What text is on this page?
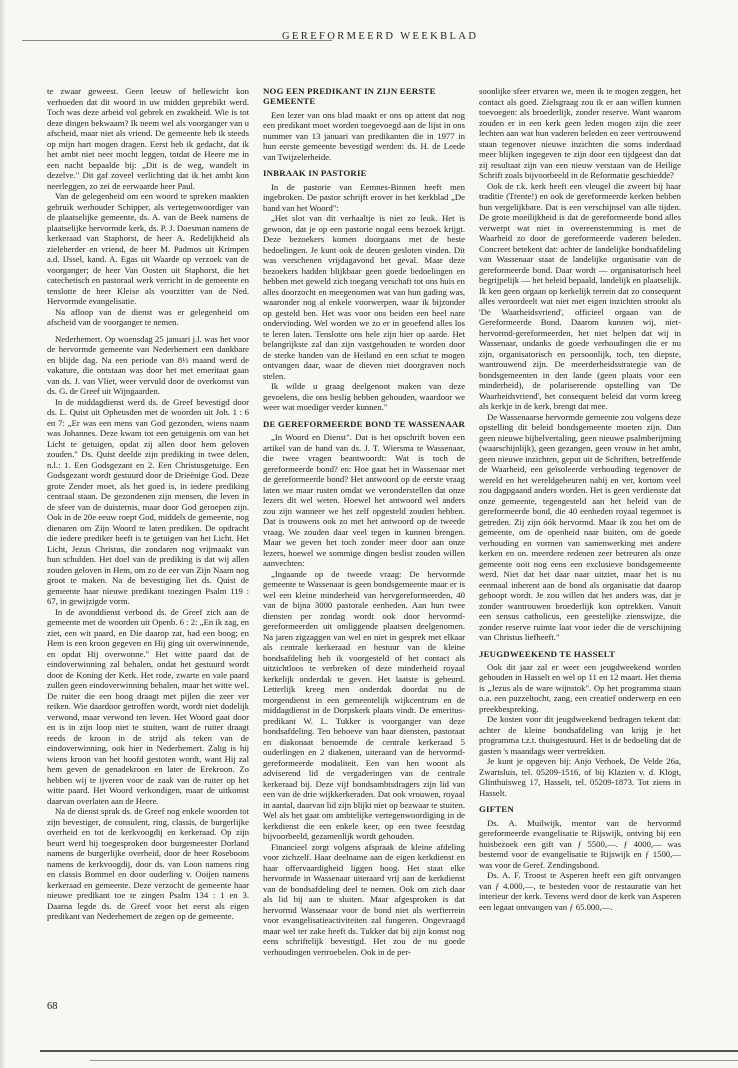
GEREFORMEERD WEEKBLAD

te zwaar geweest. Geen leeuw of hellewicht kon verhoeden dat dit woord in uw midden geprebikt werd. Toch was deze arbeid vol gebrek en zwakheid. Wie is tot deze dingen bekwaam? Ik neem wel als voorganger van u afscheid, maar niet als vriend. De gemeente heb ik steeds op mijn hart mogen dragen. Eerst heb ik gedacht, dat ik het ambt niet neer mocht leggen, totdat de Heere me in een nacht bepaalde bij: „Dit is de weg, wandelt in dezelve." Dit gaf zoveel verlichting dat ik het ambt kon neerleggen, zo zei de eerwaarde heer Paul.

Van de gelegenheid om een woord te spreken maakten gebruik werhouder Schipper, als vertegenwoordiger van de plaatselijke gemeente, ds. A. van de Beek namens de plaatselijke hervormde kerk, ds. P. J. Doesman namens de kerkeraad van Staphorst, de heer A. Redelijkheid als zieleherder en vriend, de heer M. Padmos uit Krimpen a.d. IJssel, kand. A. Egas uit Waarde op verzoek van de voorganger; de heer Van Oosten uit Staphorst, die het catechetisch en pastoraal werk verricht in de gemeente en tenslotte de heer Kleise als voorzitter van de Ned. Hervormde evangelisatie.

Na afloop van de dienst was er gelegenheid om afscheid van de voorganger te nemen.

Nederhemert. Op woensdag 25 januari j.l. was het voor de hervormde gemeente van Nederhemert een dankbare en blijde dag. Na een periode van 8½ maand werd de vakature, die ontstaan was door het met emeritaat gaan van ds. J. van Vliet, weer vervuld door de overkomst van ds. G. de Greef uit Wijngaarden.

In de middagdienst werd ds. de Greef bevestigd door ds. L. Quist uit Opheusden met de woorden uit Joh. 1 : 6 en 7: „Er was een mens van God gezonden, wiens naam was Johannes. Deze kwam tot een getuigenis om van het Licht te getuigen, opdat zij allen door hem geloven zouden." Ds. Quist deelde zijn prediking in twee delen, n.l.: 1. Een Godsgezant en 2. Een Christusgetuige. Een Godsgezant wordt gestuurd door de Drieënige God. Deze grote Zender moet, als het goed is, in iedere prediking centraal staan. De gezondenen zijn mensen, die leven in de sfeer van de duisternis, maar door God geroepen zijn. Ook in de 20e eeuw roept God, middels de gemeente, nog dienaren om Zijn Woord te laten prediken. De opdracht die iedere prediker heeft is te getuigen van het Licht. Het Licht, Jezus Christus, die zondaren nog vrijmaakt van hun schulden. Het doel van de prediking is dat wij allen zouden geloven in Hem, om zo de eer van Zijn Naam nog groot te maken. Na de bevestiging liet ds. Quist de gemeente haar nieuwe predikant toezingen Psalm 119 : 67, in gewijzigde vorm.

In de avonddienst verbond ds. de Greef zich aan de gemeente met de woorden uit Openb. 6 : 2: „En ik zag, en ziet, een wit paard, en Die daarop zat, had een boog; en Hem is een kroon gegeven en Hij ging uit overwinnende, en opdat Hij overwonne." Het witte paard dat de eindoverwinning zal behalen, ondat het gestuurd wordt door de Koning der Kerk. Het rode, zwarte en vale paard zullen geen eindoverwinning behalen, maar het witte wel. De ruiter die een boog draagt met pijlen die zeer ver reiken. Wie daardoor getroffen wordt, wordt niet dodelijk verwond, maar verwond ten leven. Het Woord gaat door en is in zijn loop niet te stuiten, want de ruiter draagt reeds de kroon in de strijd als teken van de eindoverwinning, ook hier in Nederhemert. Zalig is hij wiens kroon van het hoofd gestoten wordt, want Hij zal hem geven de genadekroon en later de Erekroon. Zo hebben wij te ijveren voor de zaak van de ruiter op het witte paard. Het Woord verkondigen, maar de uitkomst daarvan overlaten aan de Heere.

Na de dienst sprak ds. de Greef nog enkele woorden tot zijn bevestiger, de consulent, ring, classis, de burgerlijke overheid en tot de kerkvoogdij en kerkeraad. Op zijn beurt werd hij toegesproken door burgemeester Dorland namens de burgerlijke overheid, door de heer Roseboom namens de kerkvoogdij, door ds. van Loon namens ring en classis Bommel en door ouderling v. Ooijen namens kerkeraad en gemeente. Deze verzocht de gemeente haar nieuwe predikant toe te zingen Psalm 134 : 1 en 3. Daarna legde ds. de Greef voor het eerst als eigen predikant van Nederhemert de zegen op de gemeente.

NOG EEN PREDIKANT IN ZIJN EERSTE GEMEENTE

Een lezer van ons blad maakt er ons op attent dat nog een predikant moet worden toegevoegd aan de lijst in ons nummer van 13 januari van predikanten die in 1977 in hun eerste gemeente bevestigd werden: ds. H. de Leede van Twijzelerheide.

INBRAAK IN PASTORIE

In de pastorie van Eemnes-Binnen heeft men ingebroken. De pastor schrijft erover in het kerkblad „De band van het Woord":

„Het slot van dit verhaaltje is niet zo leuk. Het is gewoon, dat je op een pastorie nogal eens bezoek krijgt. Deze bezoekers komen doorgaans met de beste bedoelingen. Je kunt ook de deuren gesloten vinden. Dit was verschenen vrijdagavond het geval. Maar deze bezoekers hadden blijkbaar geen goede bedoelingen en hebben met geweld zich toegang verschaft tot ons huis en alles doorzocht en meegenomen wat van hun gading was, waaronder nog al enkele voorwerpen, waar ik bijzonder op gesteld ben. Het was voor ons beiden een heel nare ondervinding. Wel worden we zo er in geoefend alles los te leren laten. Tenslotte ons hele zijn hier op aarde. Het belangrijkste zal dan zijn vastgehouden te worden door de sterke handen van de Heiland en een schat te mogen ontvangen daar, waar de dieven niet doorgraven noch stelen.

Ik wilde u graag deelgenoot maken van deze gevoelens, die ons beslig hebben gehouden, waardoor we weer wat moediger verder kunnen."

DE GEREFORMEERDE BOND TE WASSENAAR

„In Woord en Dienst". Dat is het opschrift boven een artikel van de hand van ds. J. T. Wiersma te Wassenaar, die twee vragen beantwoordt: Wat is toch de gereformeerde bond? en: Hoe gaat het in Wassenaar met de gereformeerde bond? Het antwoord op de eerste vraag laten we maar rusten omdat we veronderstellen dat onze lezers dit wel weten. Hoewel het antwoord wel anders zou zijn wanneer we het zelf opgesteld zouden hebben. Dat is trouwens ook zo met het antwoord op de tweede vraag. We zouden daar veel tegen in kunnen brengen. Maar we geven het toch zonder meer door aan onze lezers, hoewel we sommige dingen beslist zouden willen aanvechten:

„Ingaande op de tweede vraag: De hervormde gemeente te Wassenaar is geen bondsgemeente maar er is wel een kleine minderheid van hervgereformeerden, 40 van de bijna 3000 pastorale eenheden. Aan hun twee diensten per zondag wordt ook door hervormd-gereformeerden uit omliggende plaatsen deelgenomen. Na jaren zigzaggen van wel en niet in gesprek met elkaar als centrale kerkeraad en bestuur van de kleine bondsafdeling heb ik voorgesteld of het contact als uitzichtloos te verbreken of deze minderheid royaal kerkelijk onderdak te geven. Het laatste is gebeurd. Letterlijk kreeg men onderdak doordat nu de morgendienst in een gemeentelijk wijkcentrum en de middagdienst in de Dorpskerk plaats vindt. De emeritus-predikant W. L. Tukker is voorganger van deze bondsafdeling. Ten behoeve van haar diensten, pastoraat en diakonaat benoemde de centrale kerkeraad 5 ouderlingen en 2 diakenen, uiteraard van de hervormd-gereformeerde modaliteit. Een van hen woont als adviserend lid de vergaderingen van de centrale kerkeraad bij. Deze vijf bondsambtsdragers zijn lid van een van de drie wijkkerkeraden. Dat ook vrouwen, royaal in aantal, daarvan lid zijn blijkt niet op bezwaar te stuiten. Wel als het gaat om ambtelijke vertegenwoordiging in de kerkdienst die een enkele keer, op een twee feestdag bijvoorbeeld, gezamenlijk wordt gehouden.

Financieel zorgt volgens afspraak de kleine afdeling voor zichzelf. Haar deelname aan de eigen kerkdienst en haar offervaardigheid liggen hoog. Het staat elke hervormde in Wassenaar uiteraard vrij aan de kerkdienst van de bondsafdeling deel te nemen. Ook om zich daar als lid bij aan te sluiten. Maar afgesproken is dat hervormd Wassenaar voor de bond niet als werfterrein voor evangelisatieactiviteiten zal fungeren. Ongevraagd maar wel ter zake heeft ds. Tukker dat bij zijn komst nog eens schriftelijk bevestigd. Het zou de nu goede verhoudingen vertroebelen. Ook in de per-

soonlijke sfeer ervaren we, meen ik te mogen zeggen, het contact als goed. Zielsgraag zou ik er aan willen kunnen toevoegen: als broederlijk, zonder reserve. Want waarom zouden er in een kerk geen leden mogen zijn die zeer lechten aan wat hun vaderen beleden en zeer vertrouwend staan tegenover nieuwe inzichten die soms inderdaad meer blijken ingegeven te zijn door een tijdgeest dan dat zij resultaat zijn van een nieuw verstaan van de Heilige Schrift zoals bijvoorbeeld in de Reformatie geschiedde?

Ook de r.k. kerk heeft een vleugel die zweert bij haar traditie (Trente!) en ook de gereformeerde kerken hebben hun vergelijkbare. Dat is een verschijnsel van alle tijden. De grote moeilijkheid is dat de gereformeerde bond alles verwerpt wat niet in overeenstemming is met de Waarheid zo door de gereformeerde vaderen beleden. Concreet betekent dat: achter de landelijke bondsafdeling van Wassenaar staat de landelijke organisatie van de gereformeerde bond. Daar wordt — organisatorisch heel begrijpelijk — het beleid bepaald, landelijk en plaatselijk. Ik ken geen orgaan op kerkelijk terrein dat zo consequent alles veroordeelt wat niet met eigen inzichten strookt als 'De Waarheidsvriend', officieel orgaan van de Gereformeerde Bond. Daarom kunnen wij, niet-hervormd-gereformeerden, het niet helpen dat wij in Wassenaar, ondanks de goede verhoudingen die er nu zijn, organisatorisch en persoonlijk, toch, ten diepste, wantrouwend zijn. De meerderheidsstrategie van de bondsgemeenten in den lande (geen plaats voor een minderheid), de polariserende opstelling van 'De Waarheidsvriend', het consequent beleid dat vorm kreeg als kerkje in de kerk, brengt dat mee.

De Wassenaarse hervormde gemeente zou volgens deze opstelling dit beleid bondsgemeente moeten zijn. Dan geen nieuwe bijbelvertaling, geen nieuwe psalmberijming (waarschijnlijk), geen gezangen, geen vrouw in het ambt, geen nieuwe inzichten, geput uit de Schriften, betreffende de Waarheid, een geïsoleerde verhouding tegenover de wereld en het wereldgebeuren nabij en ver, kortom veel zou dagpgaand anders worden. Het is geen verdienste dat onze gemeente, tegengesteld aan het beleid van de gereformeerde bond, die 40 eenheden royaal tegemoet is getreden. Zij zijn óók hervormd. Maar ik zou het om de gemeente, om de openheid naar buiten, om de goede verhouding en vormen van samenwerking met andere kerken en on. meerdere redenen zeer betreuren als onze gemeente ooit nog eens een exclusieve bondsgemeente werd. Niet dat het daar naar uitziet, maar het is nu eenmaal inherent aan de bond als organisatie dat daarop gehoopt wordt. Je zou willen dat het anders was, dat je zonder wantrouwen broederlijk kon optrekken. Vanuit een sensus catholicus, een geestelijke zienswijze, die zonder reserve ruimte laat voor ieder die de verschijning van Christus liefheeft."

JEUGDWEEKEND TE HASSELT

Ook dit jaar zal er weer een jeugdweekend worden gehouden in Hasselt en wel op 11 en 12 maart. Het thema is „Jezus als de ware wijnstok". Op het programma staan o.a. een puzzeltocht, zang, een creatief onderwerp en een preekbespreking.

De kosten voor dit jeugdweekend bedragen tekent dat: achter de kleine bondsafdeling van krijg je het programma t.z.t. thuisgestuurd. Het is de bedoeling dat de gasten 's maandags weer vertrekken.

Je kunt je opgeven bij: Anjo Verhoek, De Velde 26a, Zwartsluis, tel. 05209-1516, of bij Klazien v. d. Klogt, Glinthuisweg 17, Hasselt, tel. 05209-1873. Tot ziens in Hasselt.

GIFTEN

Ds. A. Muilwijk, mentor van de hervormd gereformeerde evangelisatie te Rijswijk, ontving bij een huisbezoek een gift van ƒ 5500,—. ƒ 4000,— was bestemd voor de evangelisatie te Rijswijk en ƒ 1500,— was voor de Geref. Zendingsbond.

Ds. A. F. Troost te Asperen heeft een gift ontvangen van ƒ 4.000,—, te besteden voor de restauratie van het interieur der kerk. Tevens werd door de kerk van Asperen een legaat ontvangen van ƒ 65.000,—.

68
